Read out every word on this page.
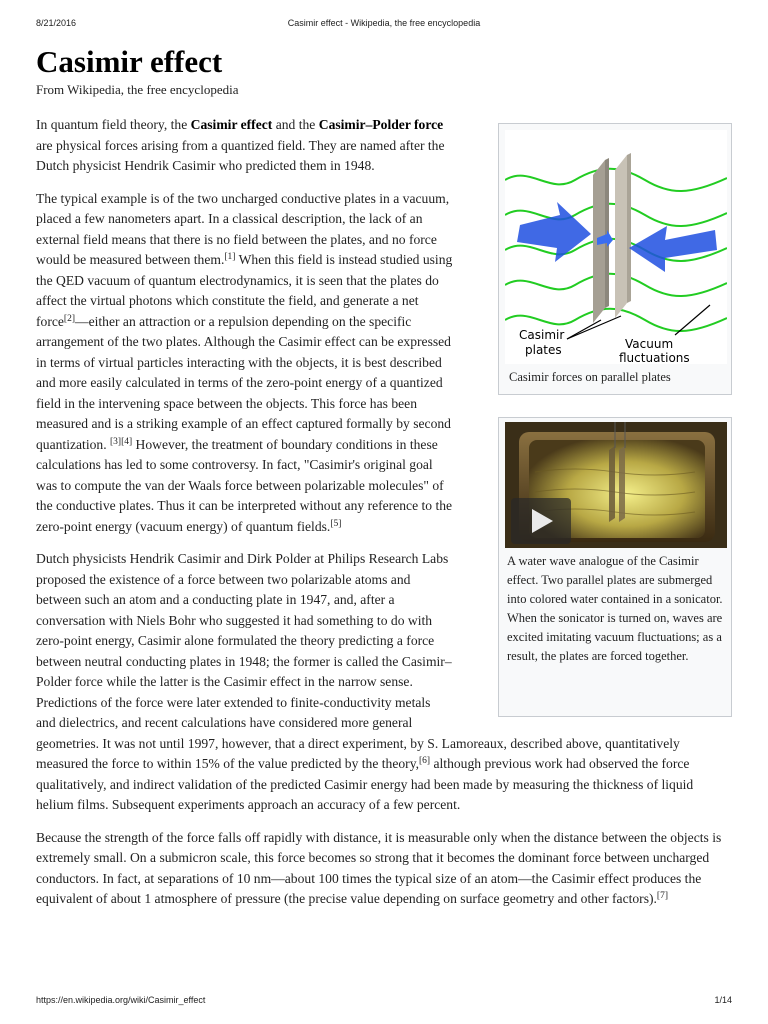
8/21/2016	Casimir effect - Wikipedia, the free encyclopedia
Casimir effect

From Wikipedia, the free encyclopedia

In quantum field theory, the Casimir effect and the Casimir–Polder force are physical forces arising from a quantized field. They are named after the Dutch physicist Hendrik Casimir who predicted them in 1948.

The typical example is of the two uncharged conductive plates in a vacuum, placed a few nanometers apart. In a classical description, the lack of an external field means that there is no field between the plates, and no force would be measured between them.[1] When this field is instead studied using the QED vacuum of quantum electrodynamics, it is seen that the plates do affect the virtual photons which constitute the field, and generate a net force[2]—either an attraction or a repulsion depending on the specific arrangement of the two plates. Although the Casimir effect can be expressed in terms of virtual particles interacting with the objects, it is best described and more easily calculated in terms of the zero-point energy of a quantized field in the intervening space between the objects. This force has been measured and is a striking example of an effect captured formally by second quantization. [3][4] However, the treatment of boundary conditions in these calculations has led to some controversy. In fact, "Casimir's original goal was to compute the van der Waals force between polarizable molecules" of the conductive plates. Thus it can be interpreted without any reference to the zero-point energy (vacuum energy) of quantum fields.[5]

Dutch physicists Hendrik Casimir and Dirk Polder at Philips Research Labs proposed the existence of a force between two polarizable atoms and between such an atom and a conducting plate in 1947, and, after a conversation with Niels Bohr who suggested it had something to do with zero-point energy, Casimir alone formulated the theory predicting a force between neutral conducting plates in 1948; the former is called the Casimir–Polder force while the latter is the Casimir effect in the narrow sense. Predictions of the force were later extended to finite-conductivity metals and dielectrics, and recent calculations have considered more general geometries. It was not until 1997, however, that a direct experiment, by S. Lamoreaux, described above, quantitatively measured the force to within 15% of the value predicted by the theory,[6] although previous work had observed the force qualitatively, and indirect validation of the predicted Casimir energy had been made by measuring the thickness of liquid helium films. Subsequent experiments approach an accuracy of a few percent.

Because the strength of the force falls off rapidly with distance, it is measurable only when the distance between the objects is extremely small. On a submicron scale, this force becomes so strong that it becomes the dominant force between uncharged conductors. In fact, at separations of 10 nm—about 100 times the typical size of an atom—the Casimir effect produces the equivalent of about 1 atmosphere of pressure (the precise value depending on surface geometry and other factors).[7]

Casimir
plates	Vacuum
fluctuations
Casimir forces on parallel plates
A water wave analogue of the Casimir effect. Two parallel plates are submerged into colored water contained in a sonicator. When the sonicator is turned on, waves are excited imitating vacuum fluctuations; as a result, the plates are forced together.
https://en.wikipedia.org/wiki/Casimir_effect	1/14
